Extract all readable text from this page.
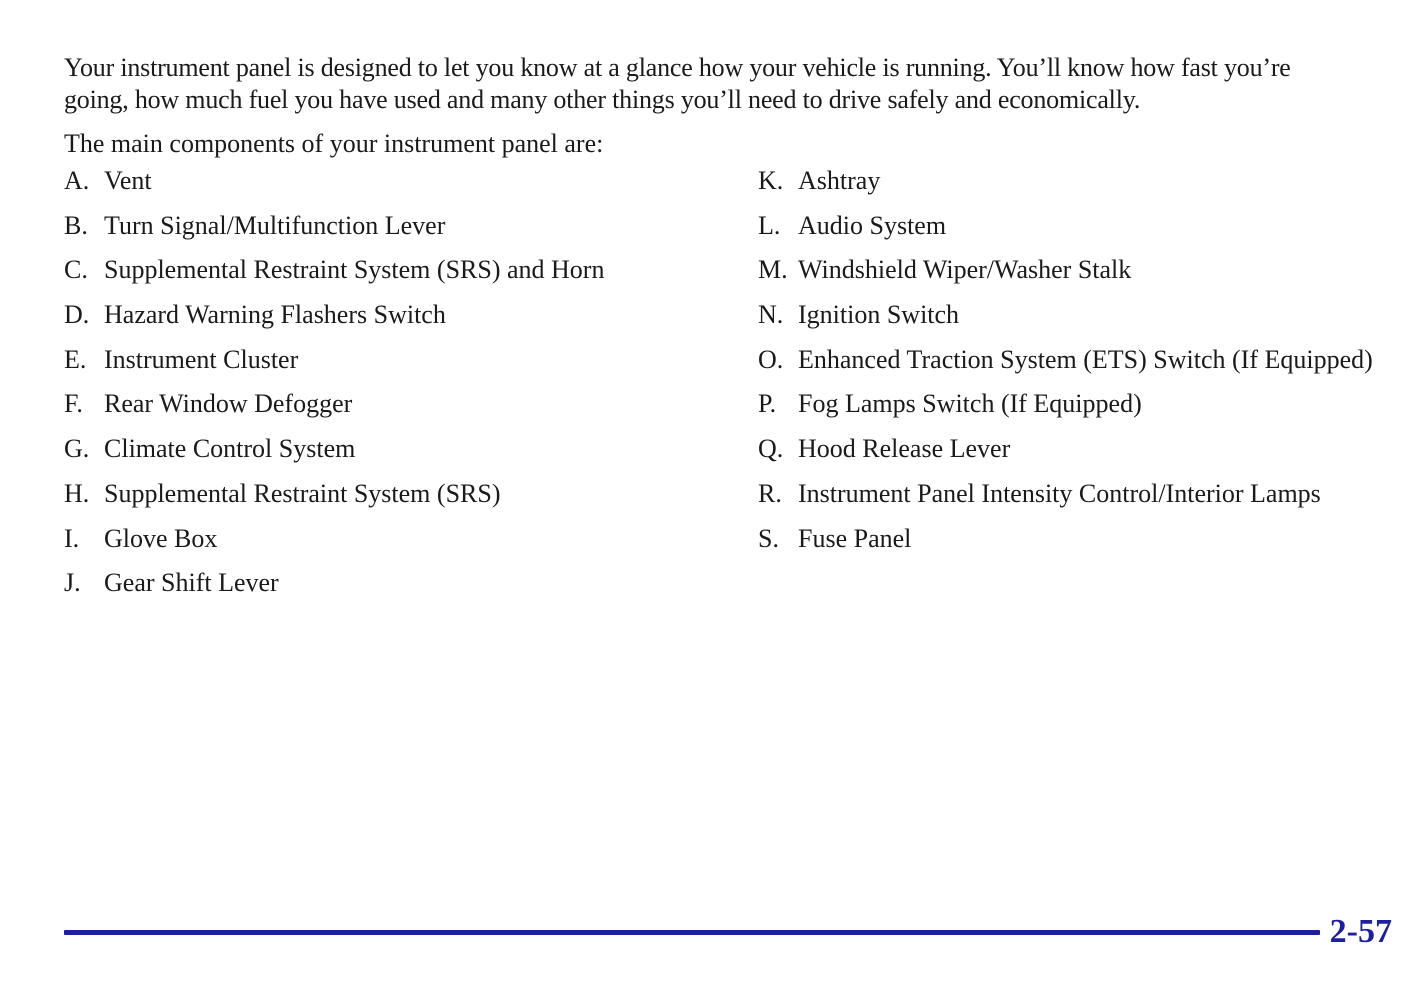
Your instrument panel is designed to let you know at a glance how your vehicle is running. You’ll know how fast you’re going, how much fuel you have used and many other things you’ll need to drive safely and economically.

The main components of your instrument panel are:

A. Vent
B. Turn Signal/Multifunction Lever
C. Supplemental Restraint System (SRS) and Horn
D. Hazard Warning Flashers Switch
E. Instrument Cluster
F. Rear Window Defogger
G. Climate Control System
H. Supplemental Restraint System (SRS)
I. Glove Box
J. Gear Shift Lever
K. Ashtray
L. Audio System
M. Windshield Wiper/Washer Stalk
N. Ignition Switch
O. Enhanced Traction System (ETS) Switch (If Equipped)
P. Fog Lamps Switch (If Equipped)
Q. Hood Release Lever
R. Instrument Panel Intensity Control/Interior Lamps
S. Fuse Panel
2-57
